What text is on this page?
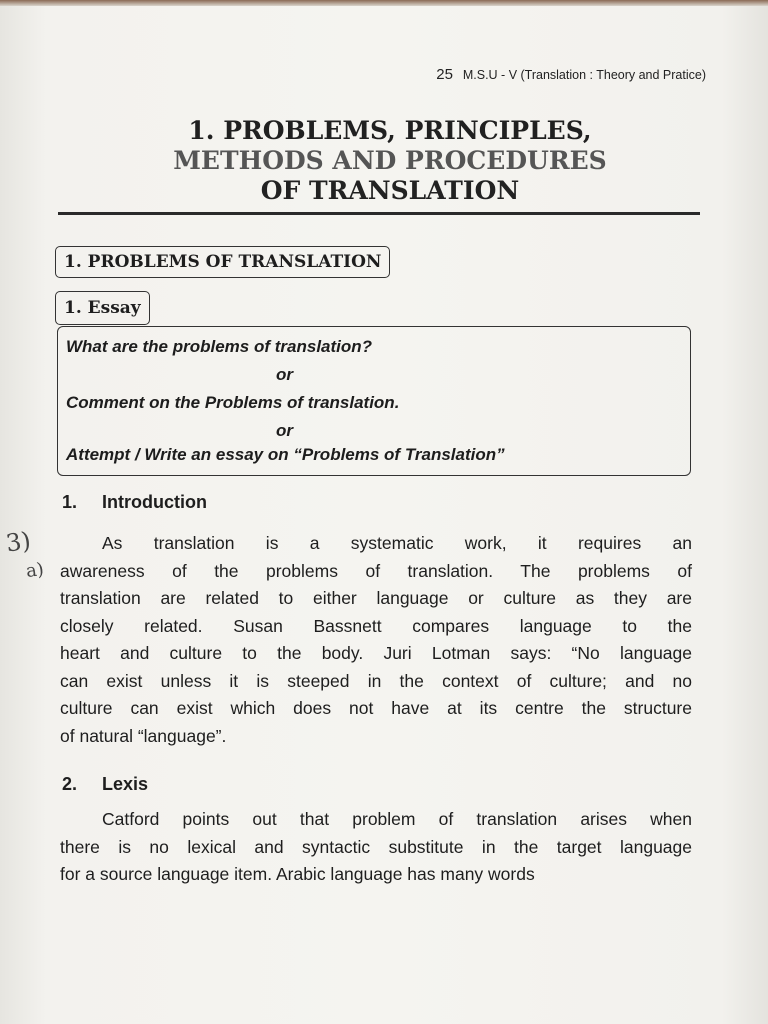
25 M.S.U - V (Translation : Theory and Pratice)
1. PROBLEMS, PRINCIPLES,
METHODS AND PROCEDURES
OF TRANSLATION
1. PROBLEMS OF TRANSLATION
1. Essay
What are the problems of translation?
or
Comment on the Problems of translation.
or
Attempt / Write an essay on “Problems of Translation”
1. Introduction
As translation is a systematic work, it requires an
awareness of the problems of translation. The problems of
translation are related to either language or culture as they are
closely related. Susan Bassnett compares language to the
heart and culture to the body. Juri Lotman says: “No language
can exist unless it is steeped in the context of culture; and no
culture can exist which does not have at its centre the structure
of natural “language”.
2. Lexis
Catford points out that problem of translation arises when
there is no lexical and syntactic substitute in the target language
for a source language item. Arabic language has many words
3)
a)
